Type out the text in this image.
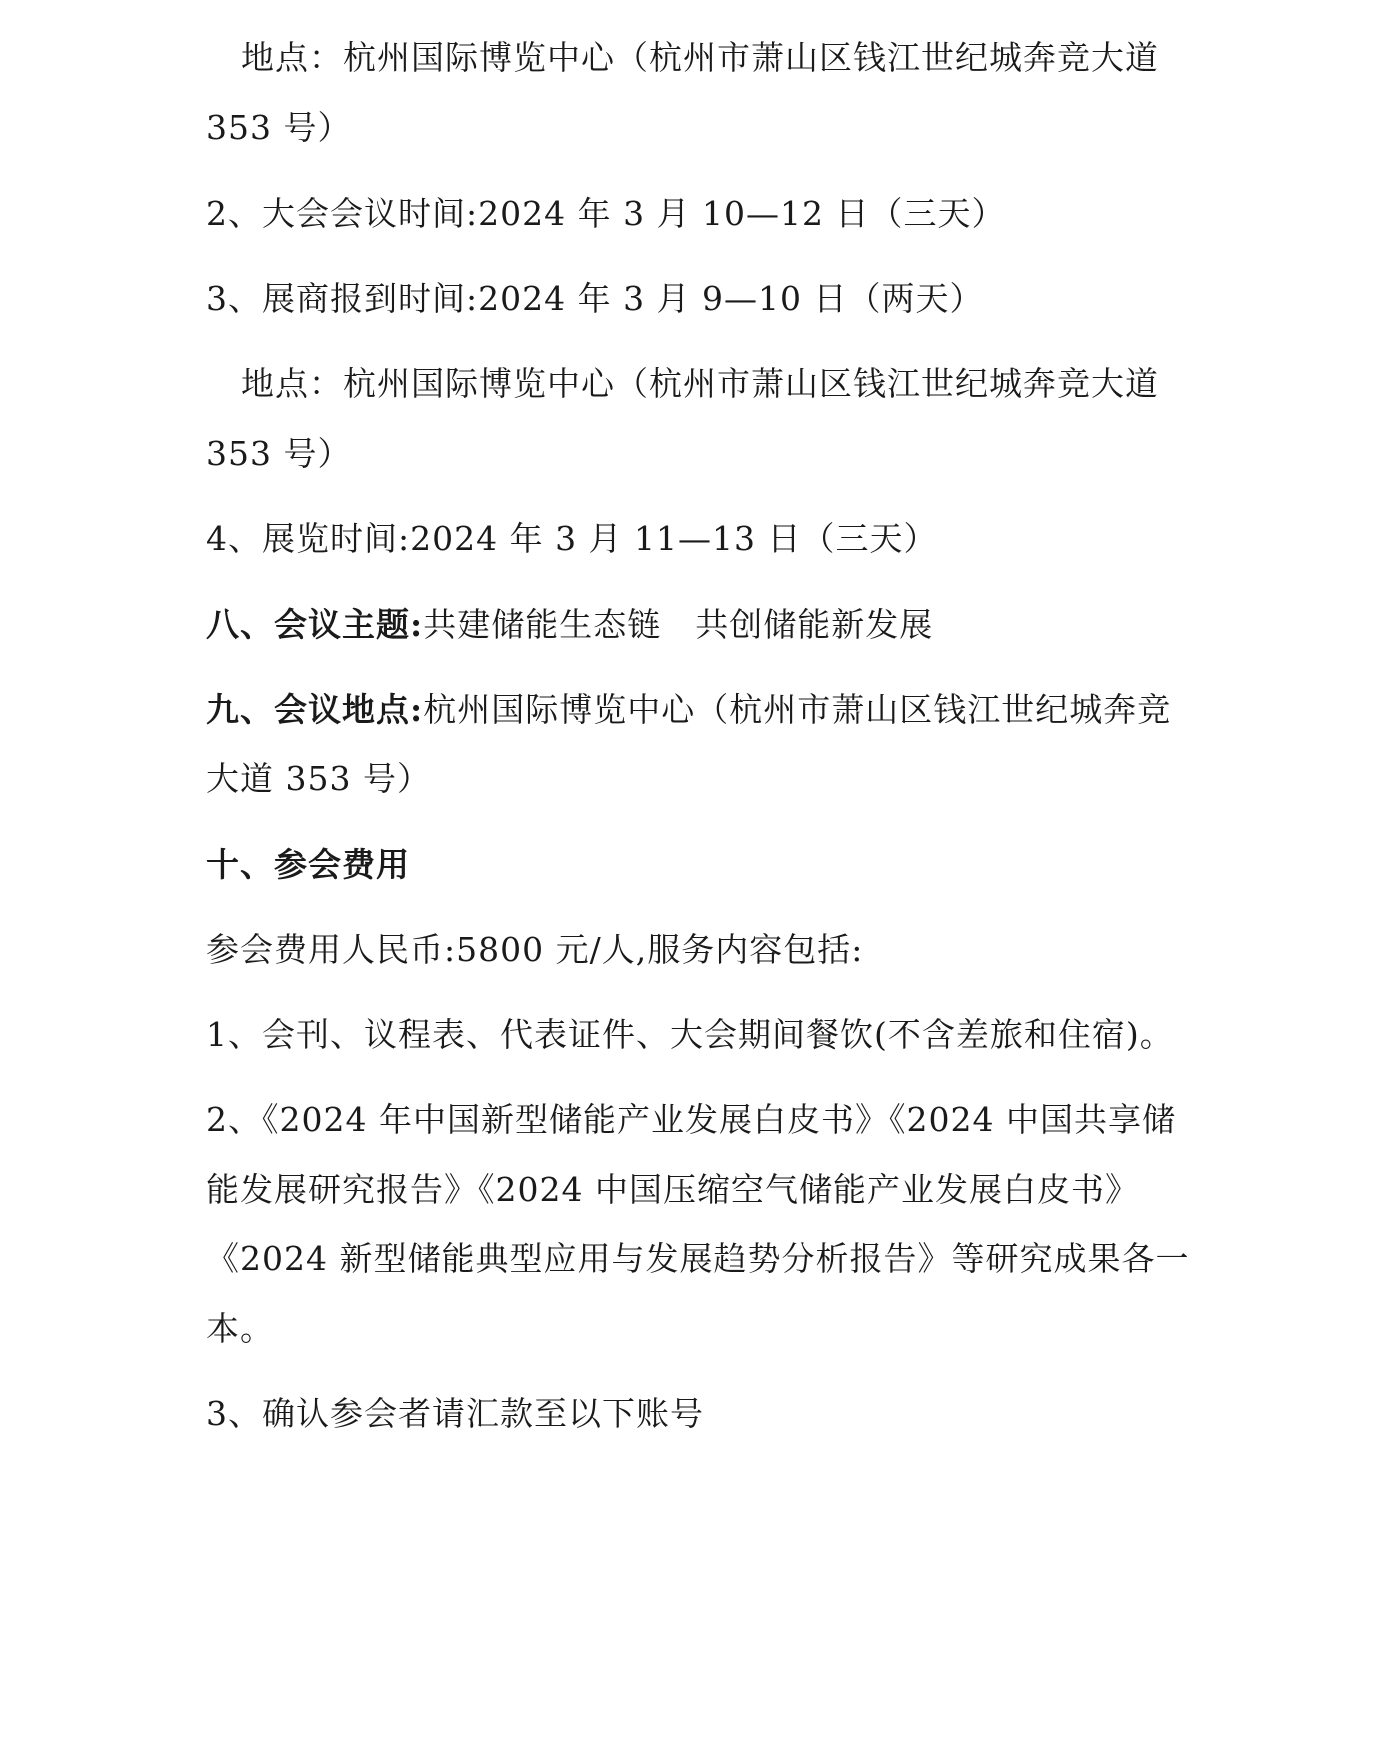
地点：杭州国际博览中心（杭州市萧山区钱江世纪城奔竞大道
353 号）
2、大会会议时间:2024 年 3 月 10—12 日（三天）
3、展商报到时间:2024 年 3 月 9—10 日（两天）
地点：杭州国际博览中心（杭州市萧山区钱江世纪城奔竞大道
353 号）
4、展览时间:2024 年 3 月 11—13 日（三天）
八、会议主题:共建储能生态链　共创储能新发展
九、会议地点:杭州国际博览中心（杭州市萧山区钱江世纪城奔竞
大道 353 号）
十、参会费用
参会费用人民币:5800 元/人,服务内容包括:
1、会刊、议程表、代表证件、大会期间餐饮(不含差旅和住宿)。
2、《2024 年中国新型储能产业发展白皮书》《2024 中国共享储
能发展研究报告》《2024 中国压缩空气储能产业发展白皮书》
《2024 新型储能典型应用与发展趋势分析报告》等研究成果各一
本。
3、确认参会者请汇款至以下账号
